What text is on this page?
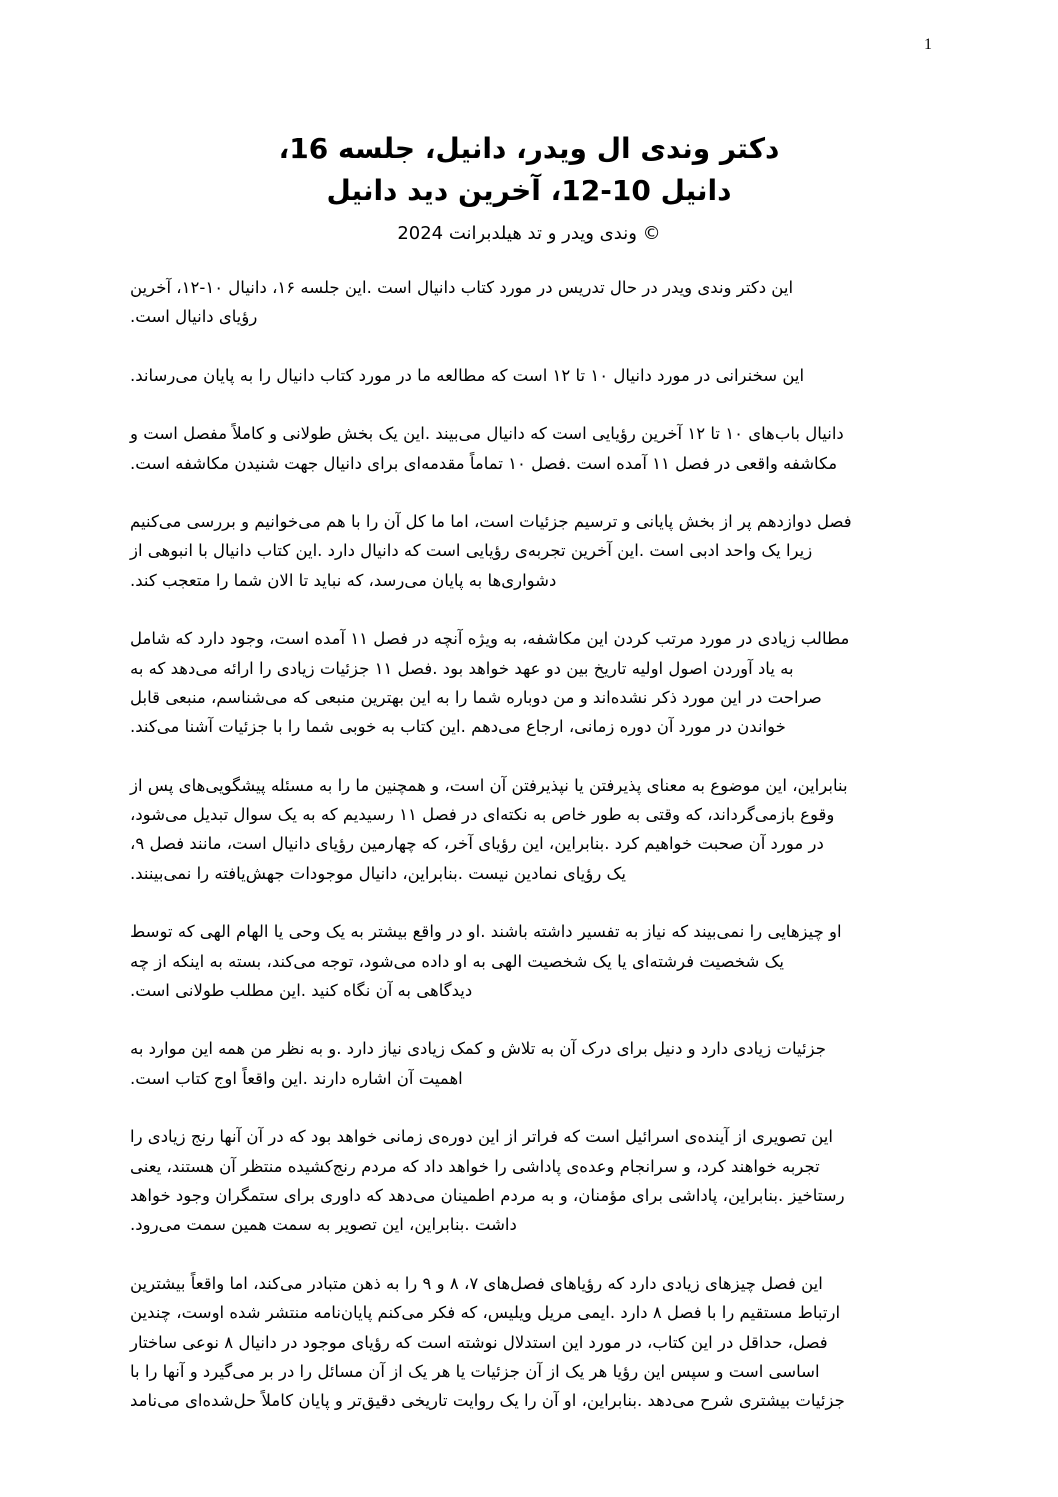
1
،دکتر وندی ال ویدر، دانیل، جلسه 16
دانیل 10-12، آخرین دید دانیل
وندی ویدر و تد هیلدبرانت 2024 ©
این دکتر وندی ویدر در حال تدریس در مورد کتاب دانیال است .این جلسه ۱۶، دانیال ۱۰-۱۲، آخرین
.رؤیای دانیال است
.این سخنرانی در مورد دانیال ۱۰ تا ۱۲ است که مطالعه ما در مورد کتاب دانیال را به پایان می‌رساند
دانیال باب‌های ۱۰ تا ۱۲ آخرین رؤیایی است که دانیال می‌بیند .این یک بخش طولانی و کاملاً مفصل است و
.مکاشفه واقعی در فصل ۱۱ آمده است .فصل ۱۰ تماماً مقدمه‌ای برای دانیال جهت شنیدن مکاشفه است
فصل دوازدهم پر از بخش پایانی و ترسیم جزئیات است، اما ما کل آن را با هم می‌خوانیم و بررسی می‌کنیم
زیرا یک واحد ادبی است .این آخرین تجربه‌ی رؤیایی است که دانیال دارد .این کتاب دانیال با انبوهی از
.دشواری‌ها به پایان می‌رسد، که نباید تا الان شما را متعجب کند
مطالب زیادی در مورد مرتب کردن این مکاشفه، به ویژه آنچه در فصل ۱۱ آمده است، وجود دارد که شامل
به یاد آوردن اصول اولیه تاریخ بین دو عهد خواهد بود .فصل ۱۱ جزئیات زیادی را ارائه می‌دهد که به
صراحت در این مورد ذکر نشده‌اند و من دوباره شما را به این بهترین منبعی که می‌شناسم، منبعی قابل
.خواندن در مورد آن دوره زمانی، ارجاع می‌دهم .این کتاب به خوبی شما را با جزئیات آشنا می‌کند
بنابراین، این موضوع به معنای پذیرفتن یا نپذیرفتن آن است، و همچنین ما را به مسئله پیشگویی‌های پس از
،وقوع بازمی‌گرداند، که وقتی به طور خاص به نکته‌ای در فصل ۱۱ رسیدیم که به یک سوال تبدیل می‌شود
،در مورد آن صحبت خواهیم کرد .بنابراین، این رؤیای آخر، که چهارمین رؤیای دانیال است، مانند فصل ۹
.یک رؤیای نمادین نیست .بنابراین، دانیال موجودات جهش‌یافته را نمی‌بینند
او چیزهایی را نمی‌بیند که نیاز به تفسیر داشته باشند .او در واقع بیشتر به یک وحی یا الهام الهی که توسط
یک شخصیت فرشته‌ای یا یک شخصیت الهی به او داده می‌شود، توجه می‌کند، بسته به اینکه از چه
.دیدگاهی به آن نگاه کنید .این مطلب طولانی است
جزئیات زیادی دارد و دنیل برای درک آن به تلاش و کمک زیادی نیاز دارد .و به نظر من همه این موارد به
.اهمیت آن اشاره دارند .این واقعاً اوج کتاب است
این تصویری از آینده‌ی اسرائیل است که فراتر از این دوره‌ی زمانی خواهد بود که در آن آنها رنج زیادی را
تجربه خواهند کرد، و سرانجام وعده‌ی پاداشی را خواهد داد که مردم رنج‌کشیده منتظر آن هستند، یعنی
رستاخیز .بنابراین، پاداشی برای مؤمنان، و به مردم اطمینان می‌دهد که داوری برای ستمگران وجود خواهد
.داشت .بنابراین، این تصویر به سمت همین سمت می‌رود
این فصل چیزهای زیادی دارد که رؤیاهای فصل‌های ۷، ۸ و ۹ را به ذهن متبادر می‌کند، اما واقعاً بیشترین
ارتباط مستقیم را با فصل ۸ دارد .ایمی مریل ویلیس، که فکر می‌کنم پایان‌نامه منتشر شده اوست، چندین
فصل، حداقل در این کتاب، در مورد این استدلال نوشته است که رؤیای موجود در دانیال ۸ نوعی ساختار
اساسی است و سپس این رؤیا هر یک از آن جزئیات یا هر یک از آن مسائل را در بر می‌گیرد و آنها را با
جزئیات بیشتری شرح می‌دهد .بنابراین، او آن را یک روایت تاریخی دقیق‌تر و پایان کاملاً حل‌شده‌ای می‌نامد
